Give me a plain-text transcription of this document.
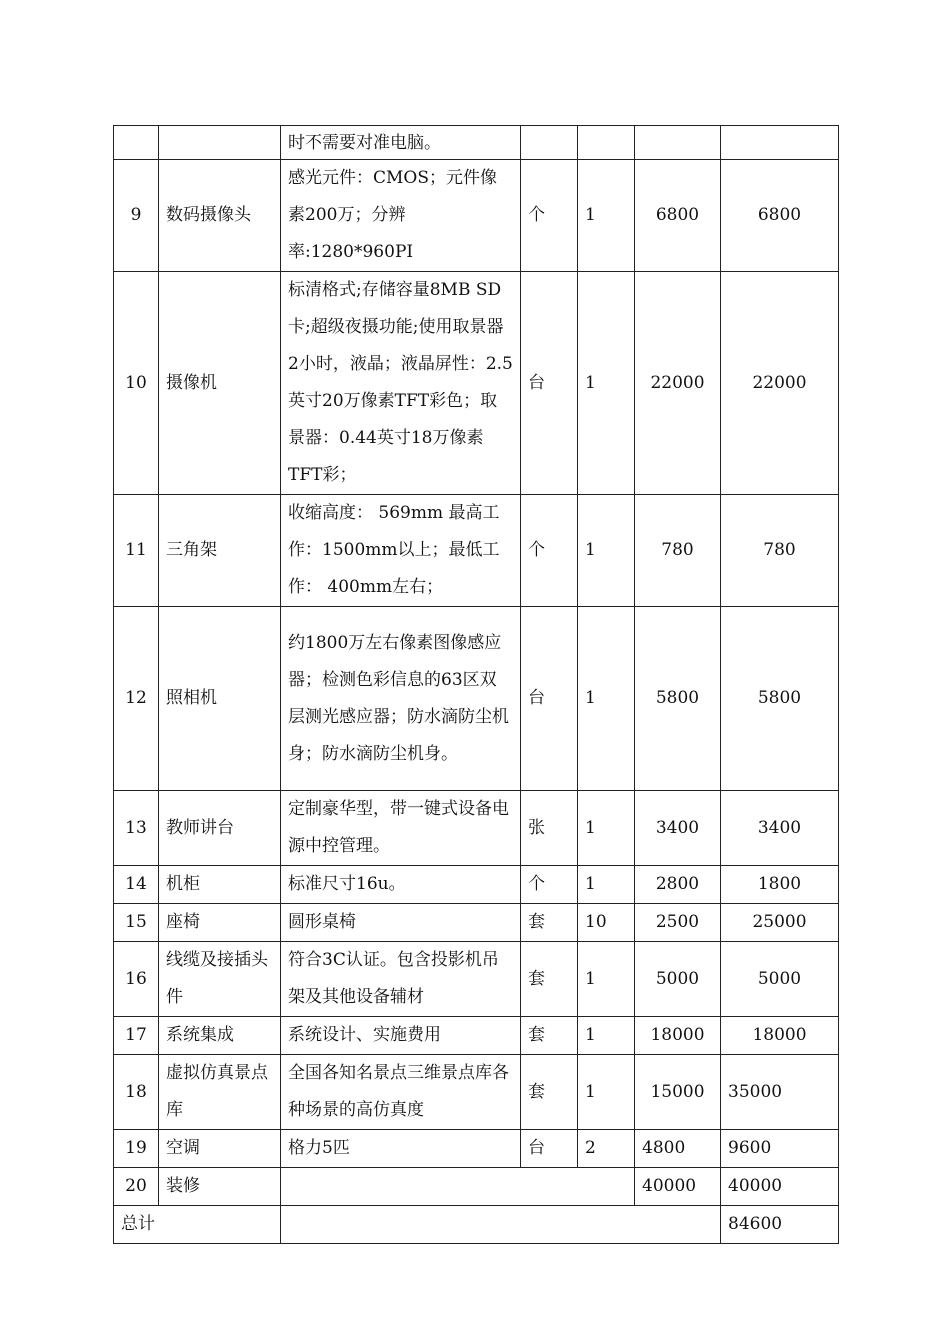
		时不需要对准电脑。				
9	数码摄像头	感光元件：CMOS；元件像素200万；分辨率:1280*960PI	个	1	6800	6800
10	摄像机	标清格式;存储容量8MB SD卡;超级夜摄功能;使用取景器2小时，液晶；液晶屏性：2.5英寸20万像素TFT彩色；取景器：0.44英寸18万像素TFT彩；	台	1	22000	22000
11	三角架	收缩高度： 569mm 最高工作：1500mm以上；最低工作： 400mm左右；	个	1	780	780
12	照相机	约1800万左右像素图像感应器；检测色彩信息的63区双层测光感应器；防水滴防尘机身；防水滴防尘机身。	台	1	5800	5800
13	教师讲台	定制豪华型，带一键式设备电源中控管理。	张	1	3400	3400
14	机柜	标准尺寸16u。	个	1	2800	1800
15	座椅	圆形桌椅	套	10	2500	25000
16	线缆及接插头件	符合3C认证。包含投影机吊架及其他设备辅材	套	1	5000	5000
17	系统集成	系统设计、实施费用	套	1	18000	18000
18	虚拟仿真景点库	全国各知名景点三维景点库各种场景的高仿真度	套	1	15000	35000
19	空调	格力5匹	台	2	4800	9600
20	装修				40000	40000
总计						84600
